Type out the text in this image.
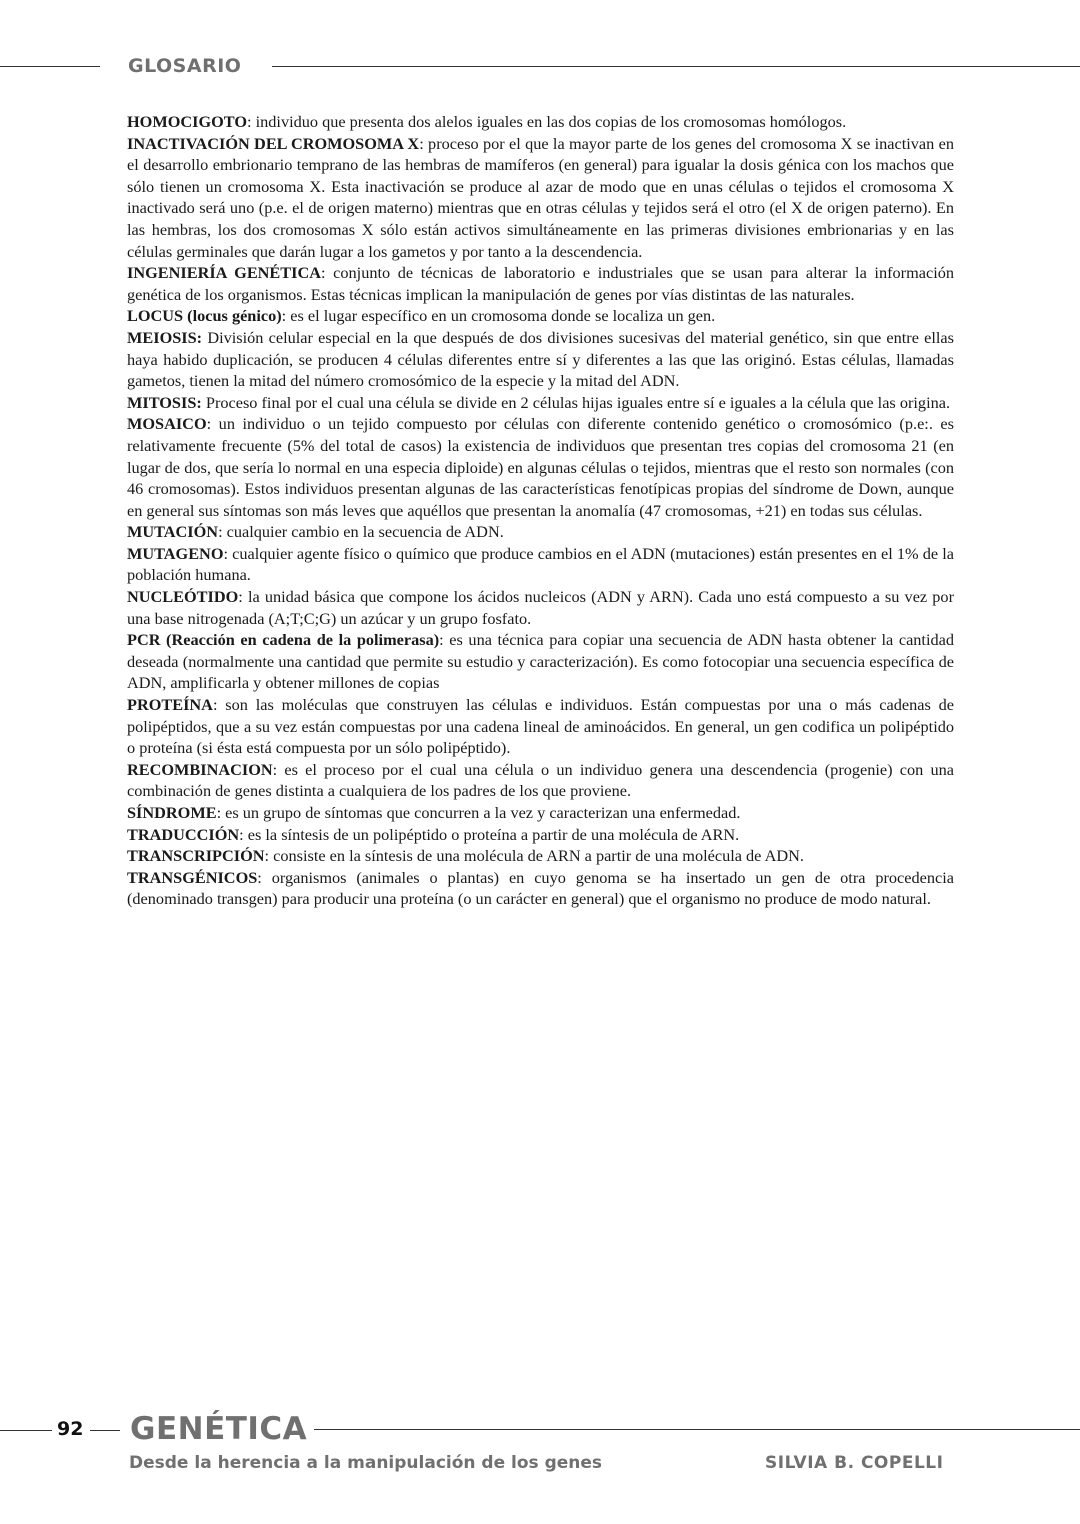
GLOSARIO

HOMOCIGOTO: individuo que presenta dos alelos iguales en las dos copias de los cromosomas homólogos.

INACTIVACIÓN DEL CROMOSOMA X: proceso por el que la mayor parte de los genes del cromosoma X se inactivan en el desarrollo embrionario temprano de las hembras de mamíferos (en general) para igualar la dosis génica con los machos que sólo tienen un cromosoma X. Esta inactivación se produce al azar de modo que en unas células o tejidos el cromosoma X inactivado será uno (p.e. el de origen materno) mientras que en otras células y tejidos será el otro (el X de origen paterno). En las hembras, los dos cromosomas X sólo están activos simultáneamente en las primeras divisiones embrionarias y en las células germinales que darán lugar a los gametos y por tanto a la descendencia.

INGENIERÍA GENÉTICA: conjunto de técnicas de laboratorio e industriales que se usan para alterar la información genética de los organismos. Estas técnicas implican la manipulación de genes por vías distintas de las naturales.

LOCUS (locus génico): es el lugar específico en un cromosoma donde se localiza un gen.

MEIOSIS: División celular especial en la que después de dos divisiones sucesivas del material genético, sin que entre ellas haya habido duplicación, se producen 4 células diferentes entre sí y diferentes a las que las originó. Estas células, llamadas gametos, tienen la mitad del número cromosómico de la especie y la mitad del ADN.

MITOSIS: Proceso final por el cual una célula se divide en 2 células hijas iguales entre sí e iguales a la célula que las origina.

MOSAICO: un individuo o un tejido compuesto por células con diferente contenido genético o cromosómico (p.e:. es relativamente frecuente (5% del total de casos) la existencia de individuos que presentan tres copias del cromosoma 21 (en lugar de dos, que sería lo normal en una especia diploide) en algunas células o tejidos, mientras que el resto son normales (con 46 cromosomas). Estos individuos presentan algunas de las características fenotípicas propias del síndrome de Down, aunque en general sus síntomas son más leves que aquéllos que presentan la anomalía (47 cromosomas, +21) en todas sus células.

MUTACIÓN: cualquier cambio en la secuencia de ADN.

MUTAGENO: cualquier agente físico o químico que produce cambios en el ADN (mutaciones) están presentes en el 1% de la población humana.

NUCLEÓTIDO: la unidad básica que compone los ácidos nucleicos (ADN y ARN). Cada uno está compuesto a su vez por una base nitrogenada (A;T;C;G) un azúcar y un grupo fosfato.

PCR (Reacción en cadena de la polimerasa): es una técnica para copiar una secuencia de ADN hasta obtener la cantidad deseada (normalmente una cantidad que permite su estudio y caracterización). Es como fotocopiar una secuencia específica de ADN, amplificarla y obtener millones de copias

PROTEÍNA: son las moléculas que construyen las células e individuos. Están compuestas por una o más cadenas de polipéptidos, que a su vez están compuestas por una cadena lineal de aminoácidos. En general, un gen codifica un polipéptido o proteína (si ésta está compuesta por un sólo polipéptido).

RECOMBINACION: es el proceso por el cual una célula o un individuo genera una descendencia (progenie) con una combinación de genes distinta a cualquiera de los padres de los que proviene.

SÍNDROME: es un grupo de síntomas que concurren a la vez y caracterizan una enfermedad.

TRADUCCIÓN: es la síntesis de un polipéptido o proteína a partir de una molécula de ARN.

TRANSCRIPCIÓN: consiste en la síntesis de una molécula de ARN a partir de una molécula de ADN.

TRANSGÉNICOS: organismos (animales o plantas) en cuyo genoma se ha insertado un gen de otra procedencia (denominado transgen) para producir una proteína (o un carácter en general) que el organismo no produce de modo natural.

92 GENÉTICA
Desde la herencia a la manipulación de los genes	SILVIA B. COPELLI
